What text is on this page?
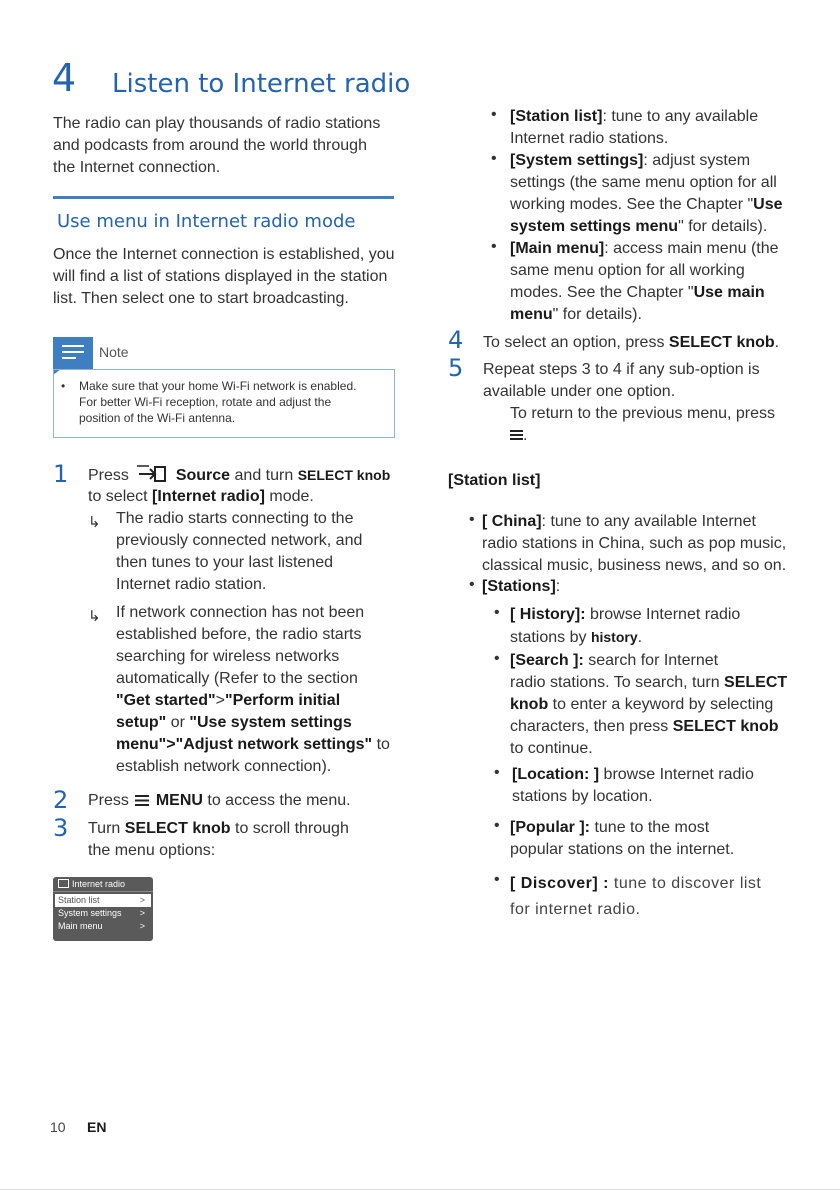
4 Listen to Internet radio
The radio can play thousands of radio stations
and podcasts from around the world through
the Internet connection.
Use menu in Internet radio mode
Once the Internet connection is established, you
will find a list of stations displayed in the station
list. Then select one to start broadcasting.
Note
• Make sure that your home Wi-Fi network is enabled.
For better Wi-Fi reception, rotate and adjust the
position of the Wi-Fi antenna.
1 Press	Source and turn SELECT knob
to select [Internet radio] mode.
↳ The radio starts connecting to the
previously connected network, and
then tunes to your last listened
Internet radio station.
↳ If network connection has not been
established before, the radio starts
searching for wireless networks
automatically (Refer to the section
"Get started">"Perform initial
setup" or "Use system settings
menu">"Adjust network settings" to
establish network connection).
2 Press MENU to access the menu.
3 Turn SELECT knob to scroll through
the menu options:
Internet radio
Station list	>
System settings >
Main menu	>
• [Station list]: tune to any available
Internet radio stations.
• [System settings]: adjust system
settings (the same menu option for all
working modes. See the Chapter "Use
system settings menu" for details).
• [Main menu]: access main menu (the
same menu option for all working
modes. See the Chapter "Use main
menu" for details).
4 To select an option, press SELECT knob.
5 Repeat steps 3 to 4 if any sub-option is
available under one option.
To return to the previous menu, press
.
[Station list]
• [ China]: tune to any available Internet
radio stations in China, such as pop music,
classical music, business news, and so on.
• [Stations]:
• [ History]: browse Internet radio
stations by history.
• [Search ]: search for Internet
radio stations. To search, turn SELECT
knob to enter a keyword by selecting
characters, then press SELECT knob
to continue.
• [Location: ] browse Internet radio
stations by location.
• [Popular ]: tune to the most
popular stations on the internet.
• [ Discover] : tune to discover list
for internet radio.
10 EN
